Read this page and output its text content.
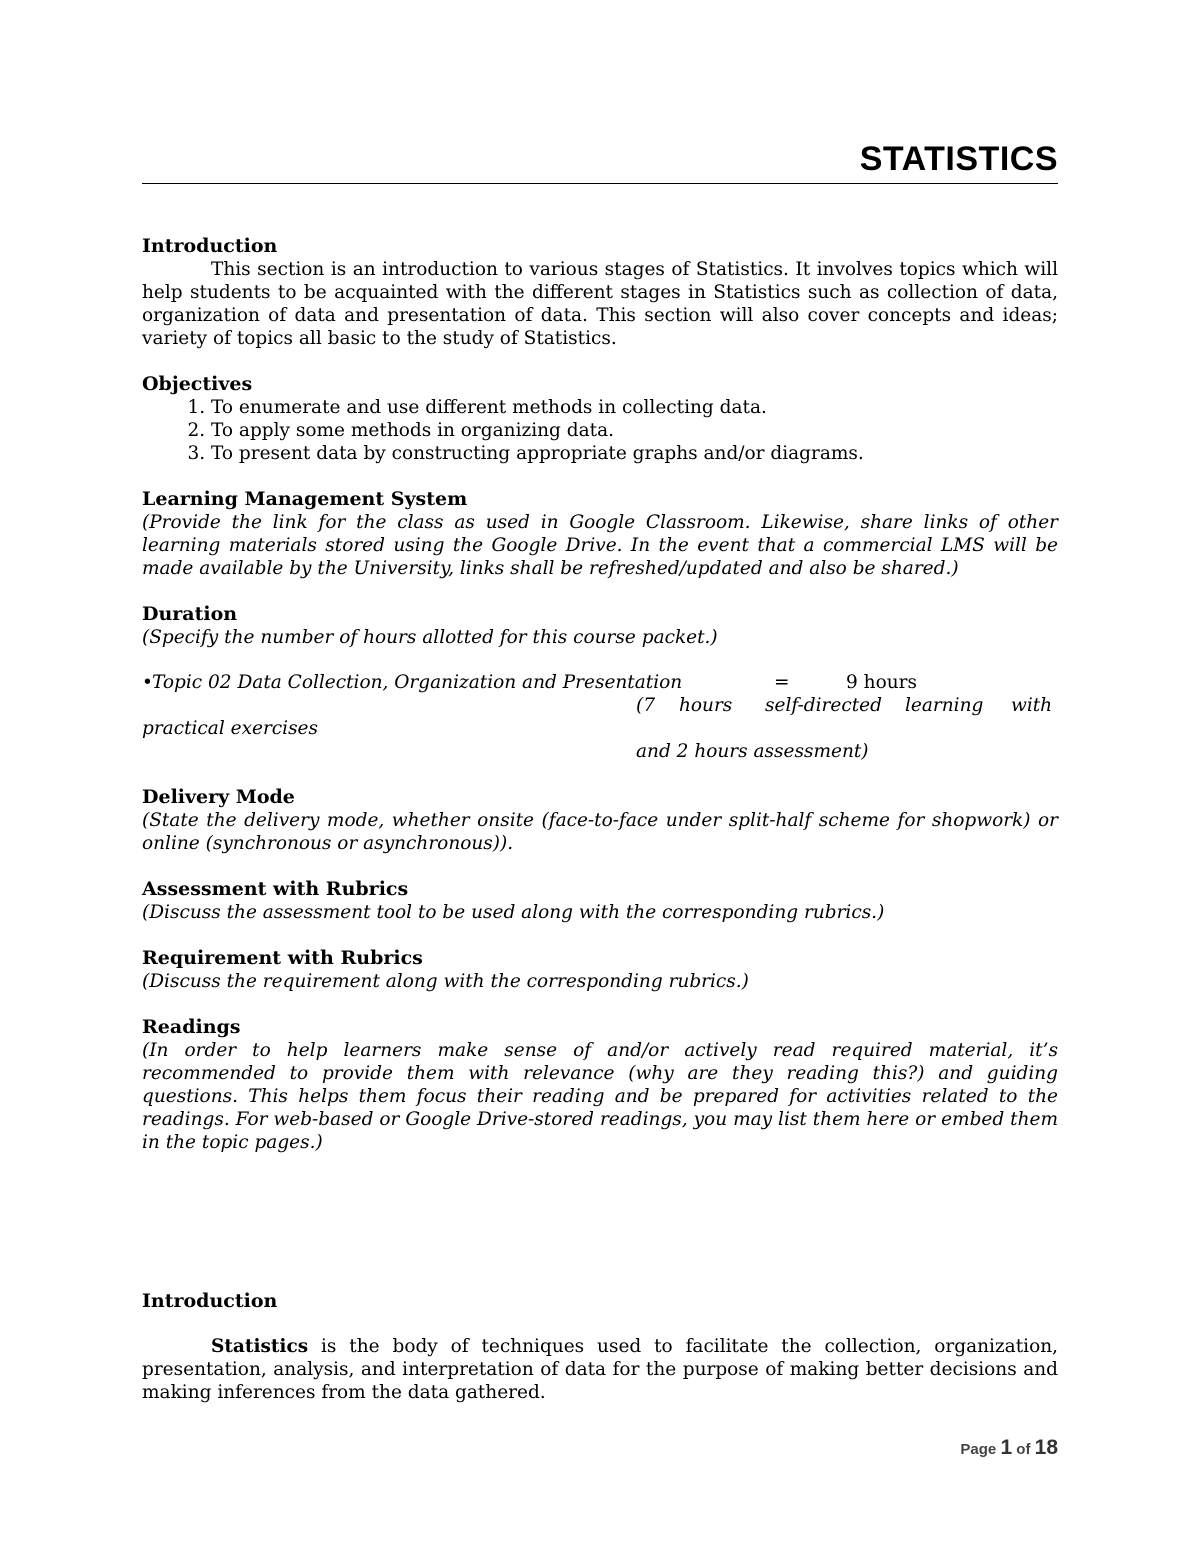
STATISTICS

Introduction

This section is an introduction to various stages of Statistics. It involves topics which will help students to be acquainted with the different stages in Statistics such as collection of data, organization of data and presentation of data. This section will also cover concepts and ideas; variety of topics all basic to the study of Statistics.

Objectives

1. To enumerate and use different methods in collecting data.
2. To apply some methods in organizing data.
3. To present data by constructing appropriate graphs and/or diagrams.

Learning Management System

(Provide the link for the class as used in Google Classroom. Likewise, share links of other learning materials stored using the Google Drive. In the event that a commercial LMS will be made available by the University, links shall be refreshed/updated and also be shared.)

Duration

(Specify the number of hours allotted for this course packet.)

• Topic 02 Data Collection, Organization and Presentation	=	9 hours
(7 hours self-directed learning with
practical exercises
and 2 hours assessment)

Delivery Mode

(State the delivery mode, whether onsite (face-to-face under split-half scheme for shopwork) or online (synchronous or asynchronous)).

Assessment with Rubrics

(Discuss the assessment tool to be used along with the corresponding rubrics.)

Requirement with Rubrics

(Discuss the requirement along with the corresponding rubrics.)

Readings

(In order to help learners make sense of and/or actively read required material, it’s recommended to provide them with relevance (why are they reading this?) and guiding questions. This helps them focus their reading and be prepared for activities related to the readings. For web-based or Google Drive-stored readings, you may list them here or embed them in the topic pages.)

Introduction

Statistics is the body of techniques used to facilitate the collection, organization, presentation, analysis, and interpretation of data for the purpose of making better decisions and making inferences from the data gathered.

Page 1 of 18
